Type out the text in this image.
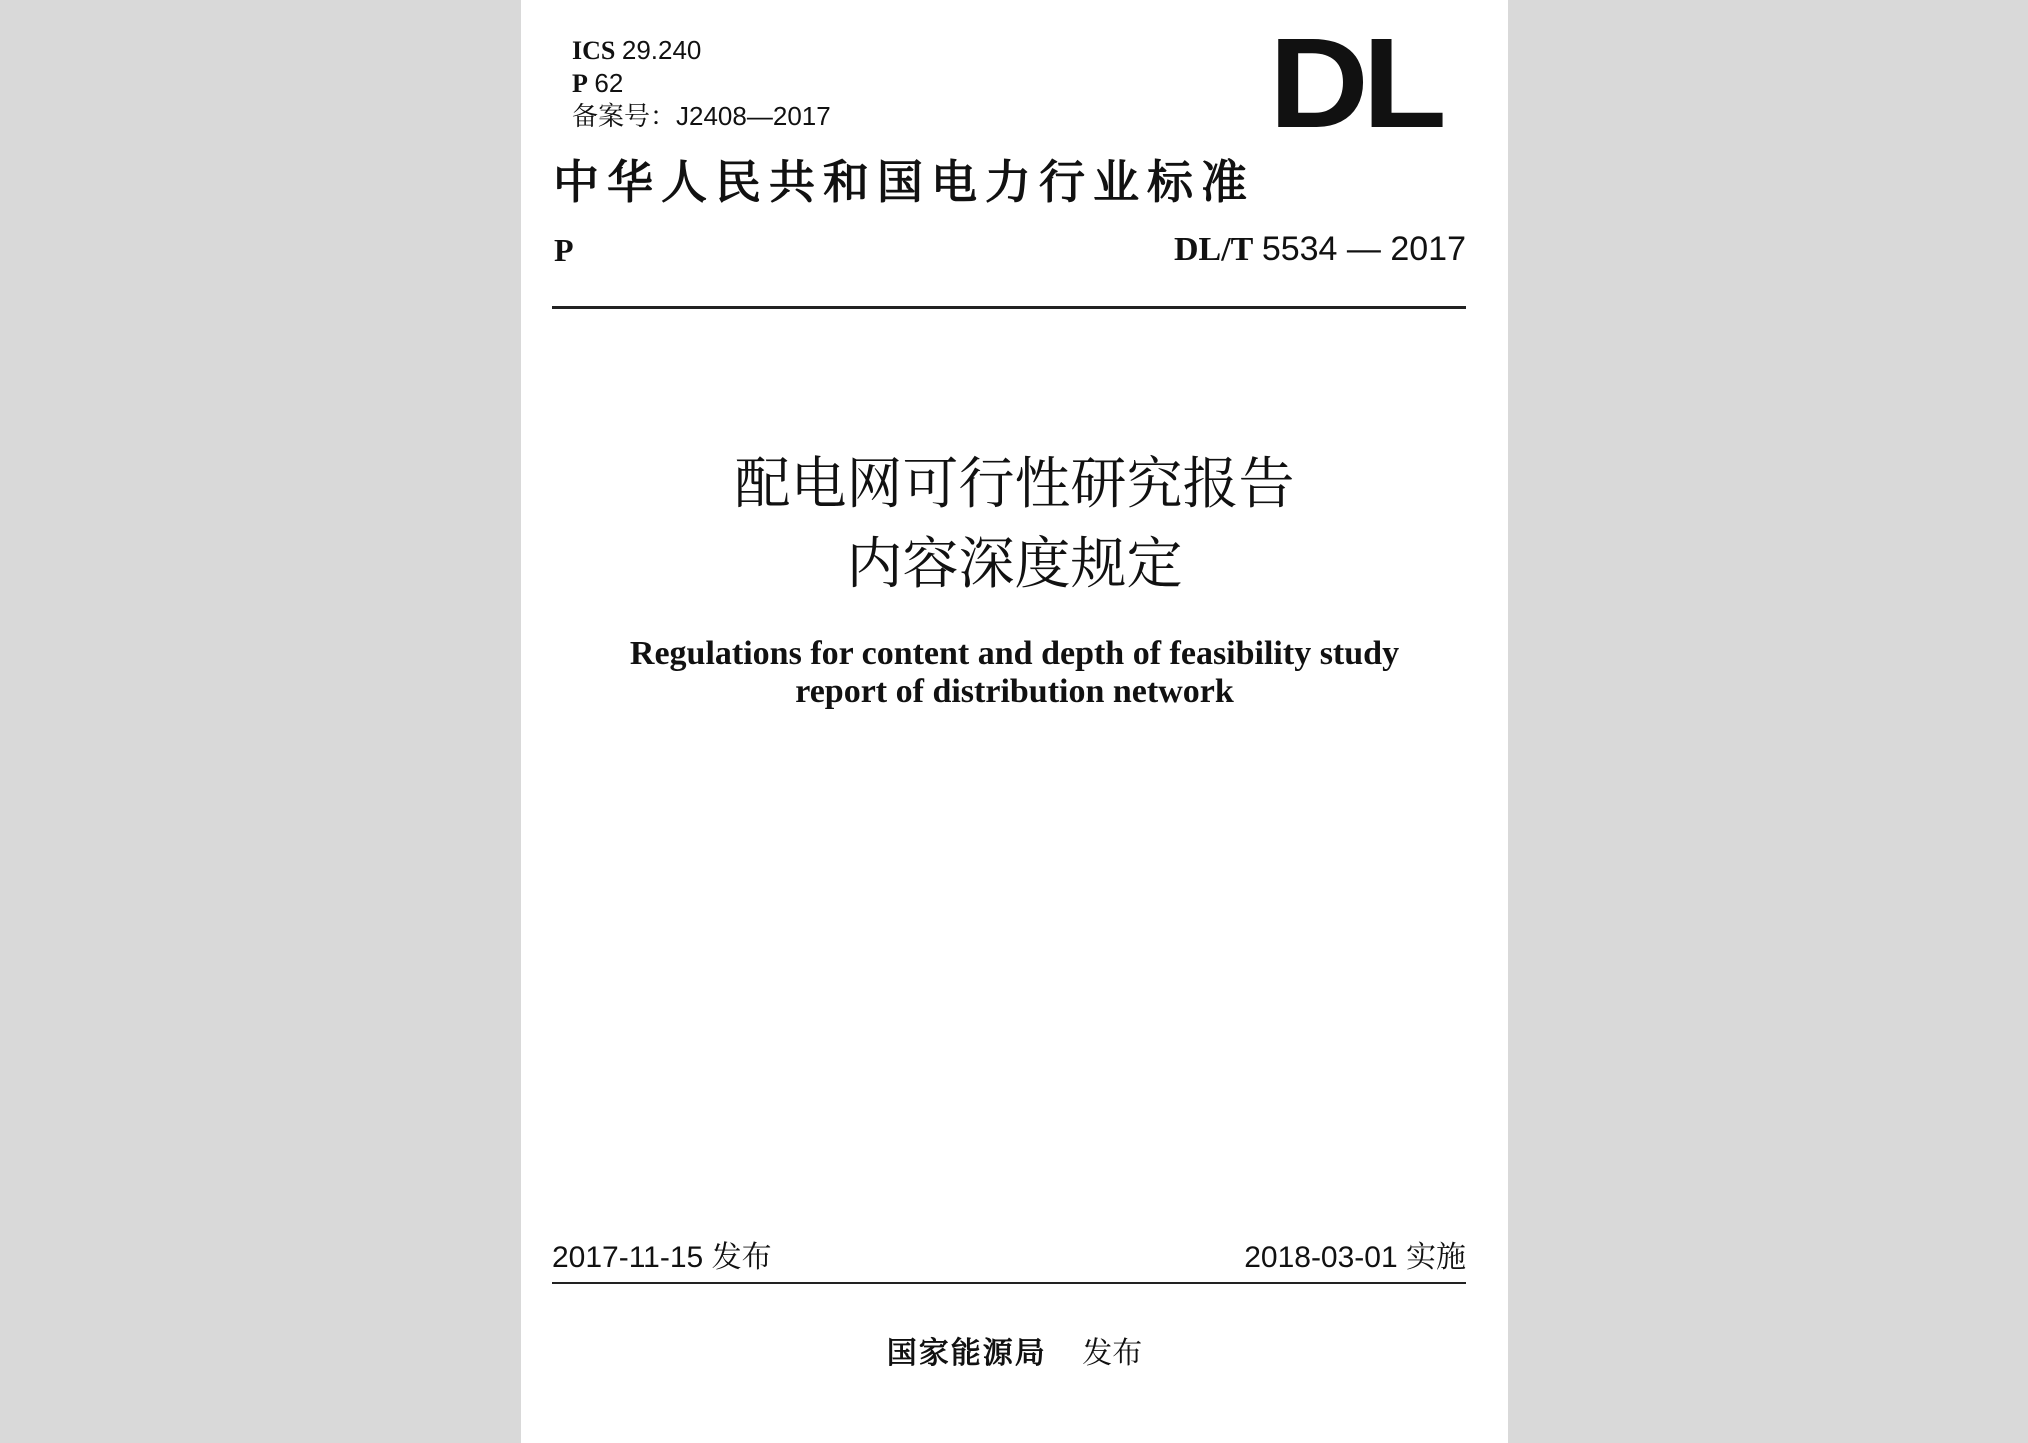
ICS 29.240
P 62
备案号：J2408—2017	DL
中华人民共和国电力行业标准
P	DL/T 5534 — 2017
配电网可行性研究报告
内容深度规定
Regulations for content and depth of feasibility study
report of distribution network
2017-11-15 发布	2018-03-01 实施
国家能源局 发布
